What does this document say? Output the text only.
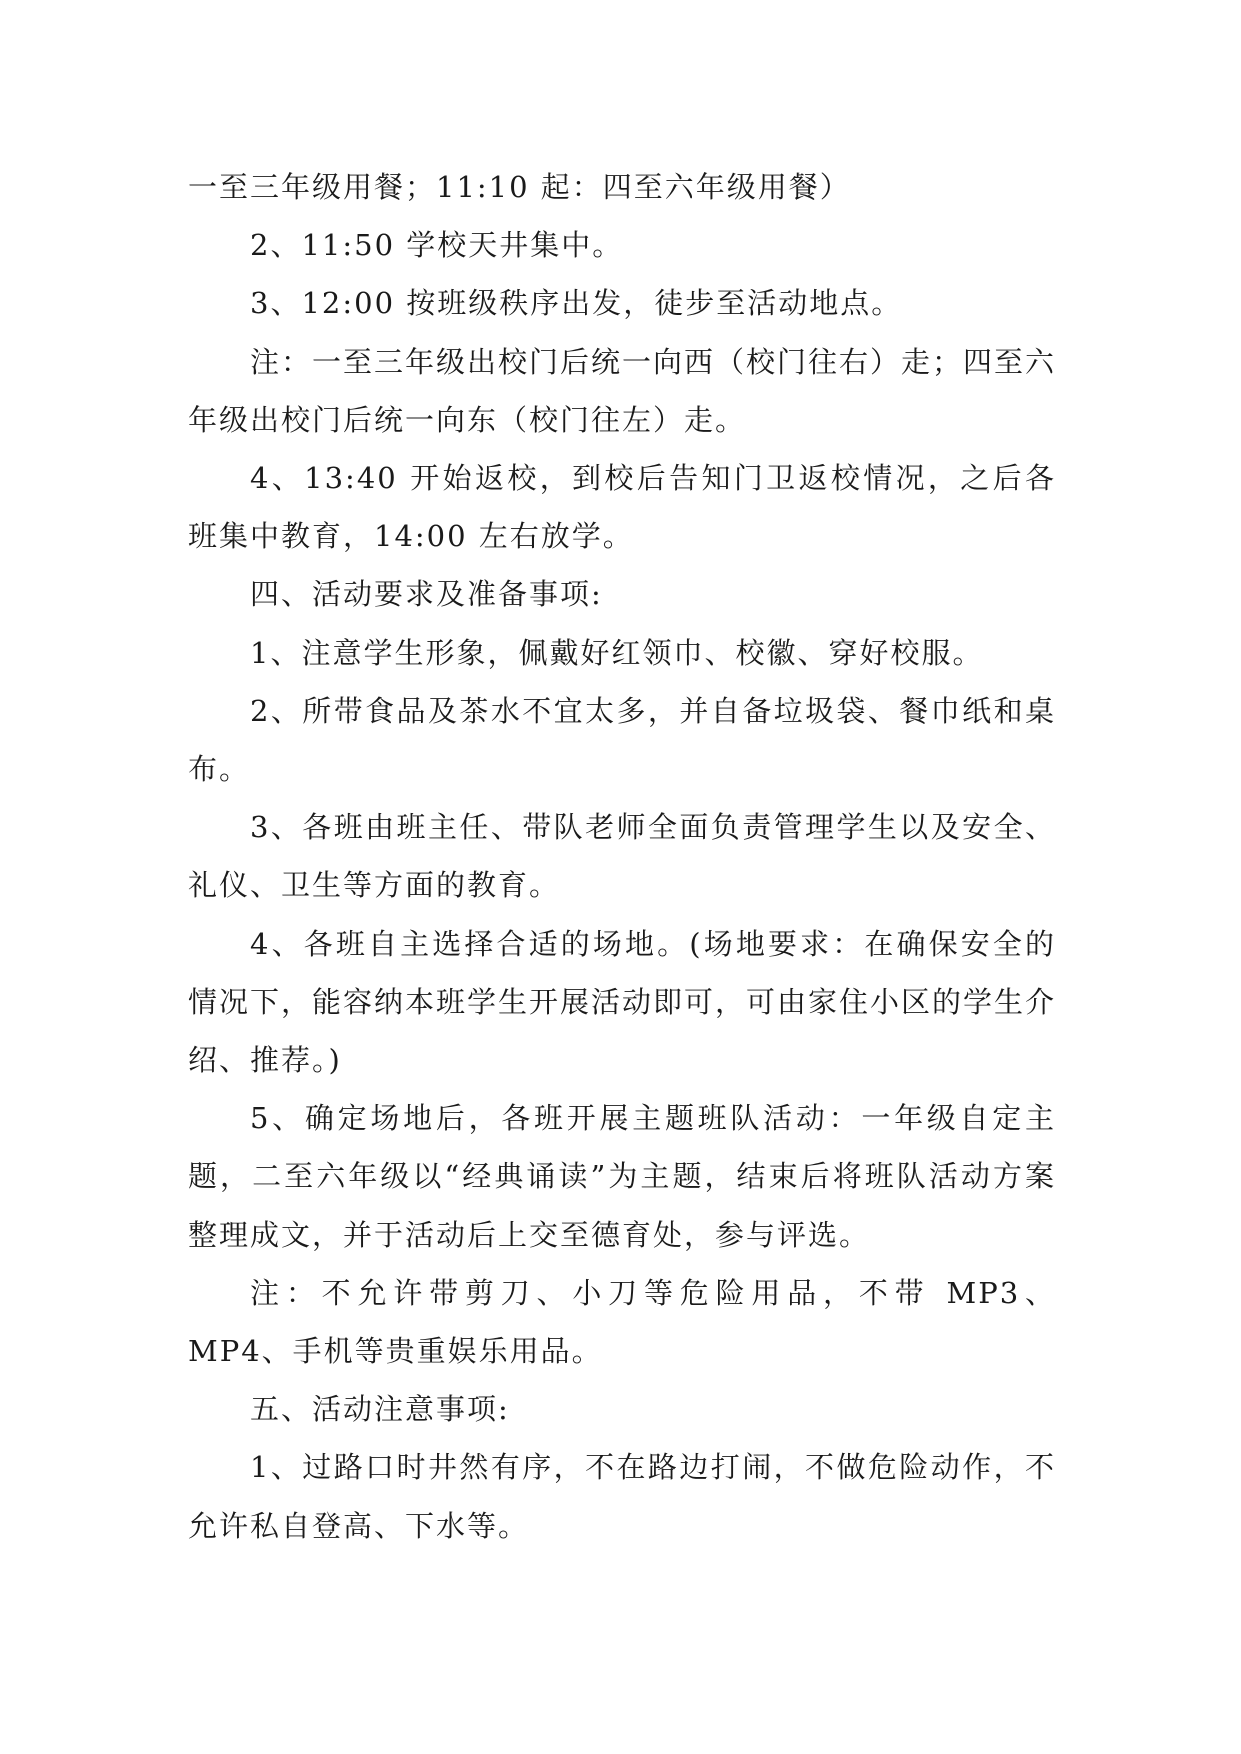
一至三年级用餐；11:10 起：四至六年级用餐）

2、11:50 学校天井集中。

3、12:00 按班级秩序出发，徒步至活动地点。

注：一至三年级出校门后统一向西（校门往右）走；四至六年级出校门后统一向东（校门往左）走。

4、13:40 开始返校，到校后告知门卫返校情况，之后各班集中教育，14:00 左右放学。

四、活动要求及准备事项:

1、注意学生形象，佩戴好红领巾、校徽、穿好校服。

2、所带食品及茶水不宜太多，并自备垃圾袋、餐巾纸和桌布。

3、各班由班主任、带队老师全面负责管理学生以及安全、礼仪、卫生等方面的教育。

4、各班自主选择合适的场地。(场地要求：在确保安全的情况下，能容纳本班学生开展活动即可，可由家住小区的学生介绍、推荐。)

5、确定场地后，各班开展主题班队活动：一年级自定主题，二至六年级以“经典诵读”为主题，结束后将班队活动方案整理成文，并于活动后上交至德育处，参与评选。

注：不允许带剪刀、小刀等危险用品，不带 MP3、MP4、手机等贵重娱乐用品。

五、活动注意事项:

1、过路口时井然有序，不在路边打闹，不做危险动作，不允许私自登高、下水等。
